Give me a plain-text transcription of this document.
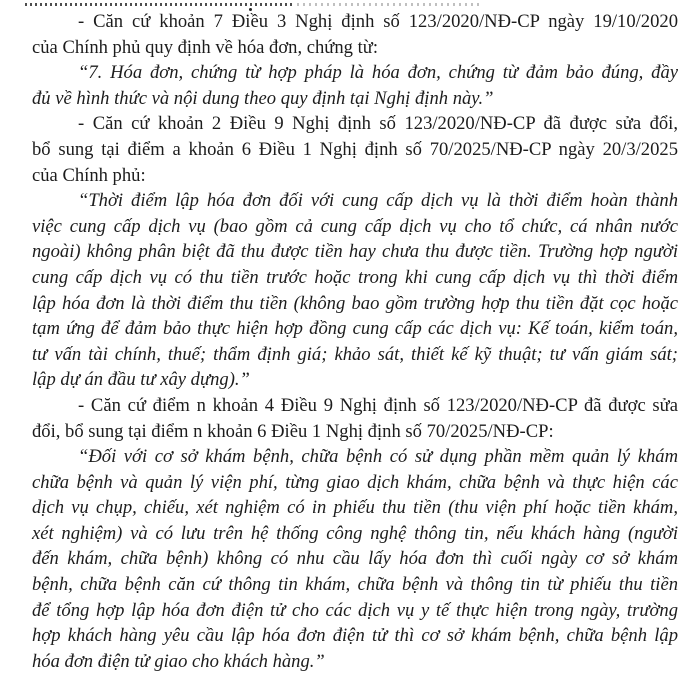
- Căn cứ khoản 7 Điều 3 Nghị định số 123/2020/NĐ-CP ngày 19/10/2020
của Chính phủ quy định về hóa đơn, chứng từ:
“7. Hóa đơn, chứng từ hợp pháp là hóa đơn, chứng từ đảm bảo đúng, đầy
đủ về hình thức và nội dung theo quy định tại Nghị định này.”
- Căn cứ khoản 2 Điều 9 Nghị định số 123/2020/NĐ-CP đã được sửa đổi,
bổ sung tại điểm a khoản 6 Điều 1 Nghị định số 70/2025/NĐ-CP ngày 20/3/2025
của Chính phủ:
“Thời điểm lập hóa đơn đối với cung cấp dịch vụ là thời điểm hoàn thành
việc cung cấp dịch vụ (bao gồm cả cung cấp dịch vụ cho tổ chức, cá nhân nước
ngoài) không phân biệt đã thu được tiền hay chưa thu được tiền. Trường hợp người
cung cấp dịch vụ có thu tiền trước hoặc trong khi cung cấp dịch vụ thì thời điểm
lập hóa đơn là thời điểm thu tiền (không bao gồm trường hợp thu tiền đặt cọc hoặc
tạm ứng để đảm bảo thực hiện hợp đồng cung cấp các dịch vụ: Kế toán, kiểm toán,
tư vấn tài chính, thuế; thẩm định giá; khảo sát, thiết kế kỹ thuật; tư vấn giám sát;
lập dự án đầu tư xây dựng).”
- Căn cứ điểm n khoản 4 Điều 9 Nghị định số 123/2020/NĐ-CP đã được sửa
đổi, bổ sung tại điểm n khoản 6 Điều 1 Nghị định số 70/2025/NĐ-CP:
“Đối với cơ sở khám bệnh, chữa bệnh có sử dụng phần mềm quản lý khám
chữa bệnh và quản lý viện phí, từng giao dịch khám, chữa bệnh và thực hiện các
dịch vụ chụp, chiếu, xét nghiệm có in phiếu thu tiền (thu viện phí hoặc tiền khám,
xét nghiệm) và có lưu trên hệ thống công nghệ thông tin, nếu khách hàng (người
đến khám, chữa bệnh) không có nhu cầu lấy hóa đơn thì cuối ngày cơ sở khám
bệnh, chữa bệnh căn cứ thông tin khám, chữa bệnh và thông tin từ phiếu thu tiền
để tổng hợp lập hóa đơn điện tử cho các dịch vụ y tế thực hiện trong ngày, trường
hợp khách hàng yêu cầu lập hóa đơn điện tử thì cơ sở khám bệnh, chữa bệnh lập
hóa đơn điện tử giao cho khách hàng.”
